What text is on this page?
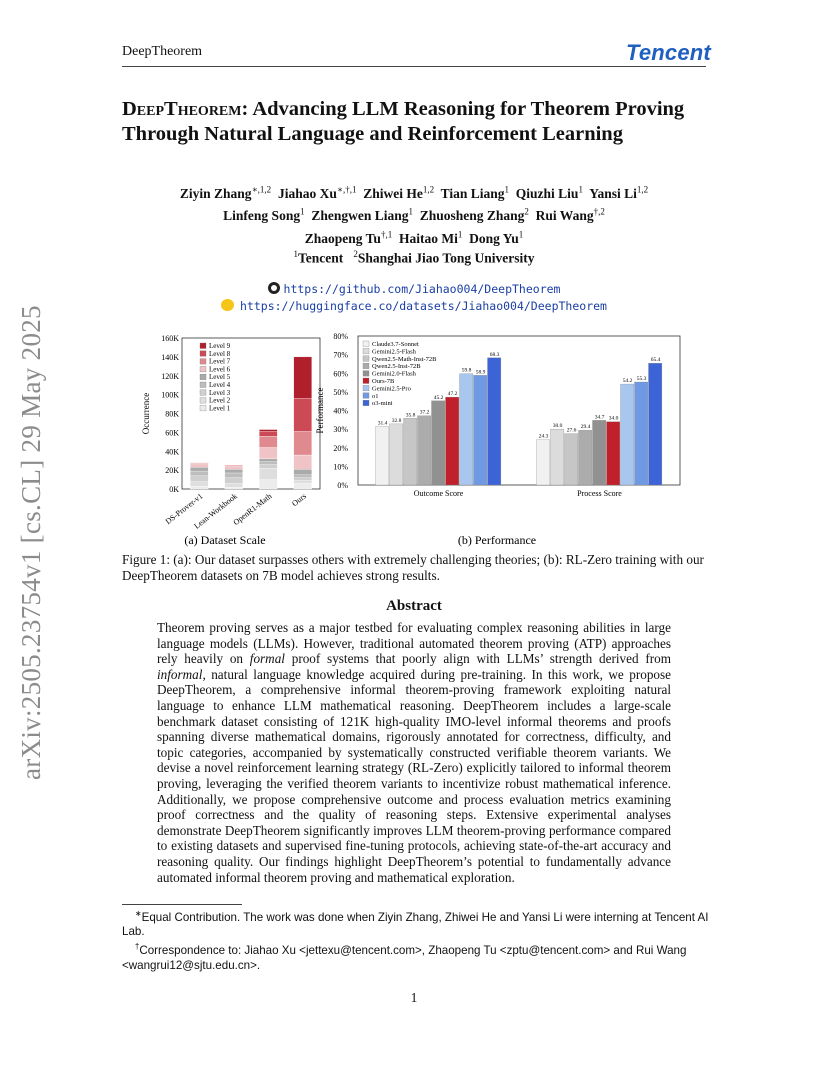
DeepTheorem	Tencent
arXiv:2505.23754v1 [cs.CL] 29 May 2025
DeepTheorem: Advancing LLM Reasoning for Theorem Proving Through Natural Language and Reinforcement Learning
Ziyin Zhang$^{∗,1,2}$ Jiahao $Xu^{∗,\dagger,1}$ Zhiwei He$^{1,2}$ Tian Liang$^1$ Qiuzhi Liu$^1$ Yansi Li$^{1,2}$
Linfeng Song$^1$ Zhengwen Liang$^1$ Zhuosheng Zhang$^2$ Rui Wang$^{\dagger,2}$
Zhaopeng $Tu^{\dagger,1}$ Haitao Mi$^1$ Dong Yu$^1$
$^1$Tencent $^2$Shanghai Jiao Tong University
https://github.com/Jiahao004/DeepTheorem
https://huggingface.co/datasets/Jiahao004/DeepTheorem
0K
20K
40K
60K
80K
100K
120K
140K
160K
Occurrence
DS-Prover-v1
Lean-Workbook
OpenR1-Math Ours
Level 9
Level 8
Level 7
Level 6
Level 5
Level 4
Level 3
Level 2
Level 1
(a) Dataset Scale
0%
10%
20%
30%
40%
50%
60%
70%
80%
Performance	31.4 32.8
35.8 37.2
45.2
47.2
59.8 58.9
68.3
Outcome Score
24.3
30.0
27.6
29.4
34.7 34.0
54.2 55.3
65.4
Process Score
Claude3.7-Sonnet
Gemini2.5-Flash
Qwen2.5-Math-Inst-72B
Qwen2.5-Inst-72B
Gemini2.0-Flash
Ours-7B
Gemini2.5-Pro
o1
o3-mini
(b) Performance
Figure 1: (a): Our dataset surpasses others with extremely challenging theories; (b): RL-Zero training with our DeepTheorem datasets on 7B model achieves strong results.
Abstract
Theorem proving serves as a major testbed for evaluating complex reasoning abilities in large language models (LLMs). However, traditional automated theorem proving (ATP) approaches rely heavily on formal proof systems that poorly align with LLMs’ strength derived from informal, natural language knowledge acquired during pre-training. In this work, we propose DeepTheorem, a comprehensive informal theorem-proving framework exploiting natural language to enhance LLM mathematical reasoning. DeepTheorem includes a large-scale benchmark dataset consisting of 121K high-quality IMO-level informal theorems and proofs spanning diverse mathematical domains, rigorously annotated for correctness, difficulty, and topic categories, accompanied by systematically constructed verifiable theorem variants. We devise a novel reinforcement learning strategy (RL-Zero) explicitly tailored to informal theorem proving, leveraging the verified theorem variants to incentivize robust mathematical inference. Additionally, we propose comprehensive outcome and process evaluation metrics examining proof correctness and the quality of reasoning steps. Extensive experimental analyses demonstrate DeepTheorem significantly improves LLM theorem-proving performance compared to existing datasets and supervised fine-tuning protocols, achieving state-of-the-art accuracy and reasoning quality. Our findings highlight DeepTheorem’s potential to fundamentally advance automated informal theorem proving and mathematical exploration.

∗Equal Contribution. The work was done when Ziyin Zhang, Zhiwei He and Yansi Li were interning at Tencent AI Lab.

†Correspondence to: Jiahao Xu <jettexu@tencent.com>, Zhaopeng Tu <zptu@tencent.com> and Rui Wang <wangrui12@sjtu.edu.cn>.

1
